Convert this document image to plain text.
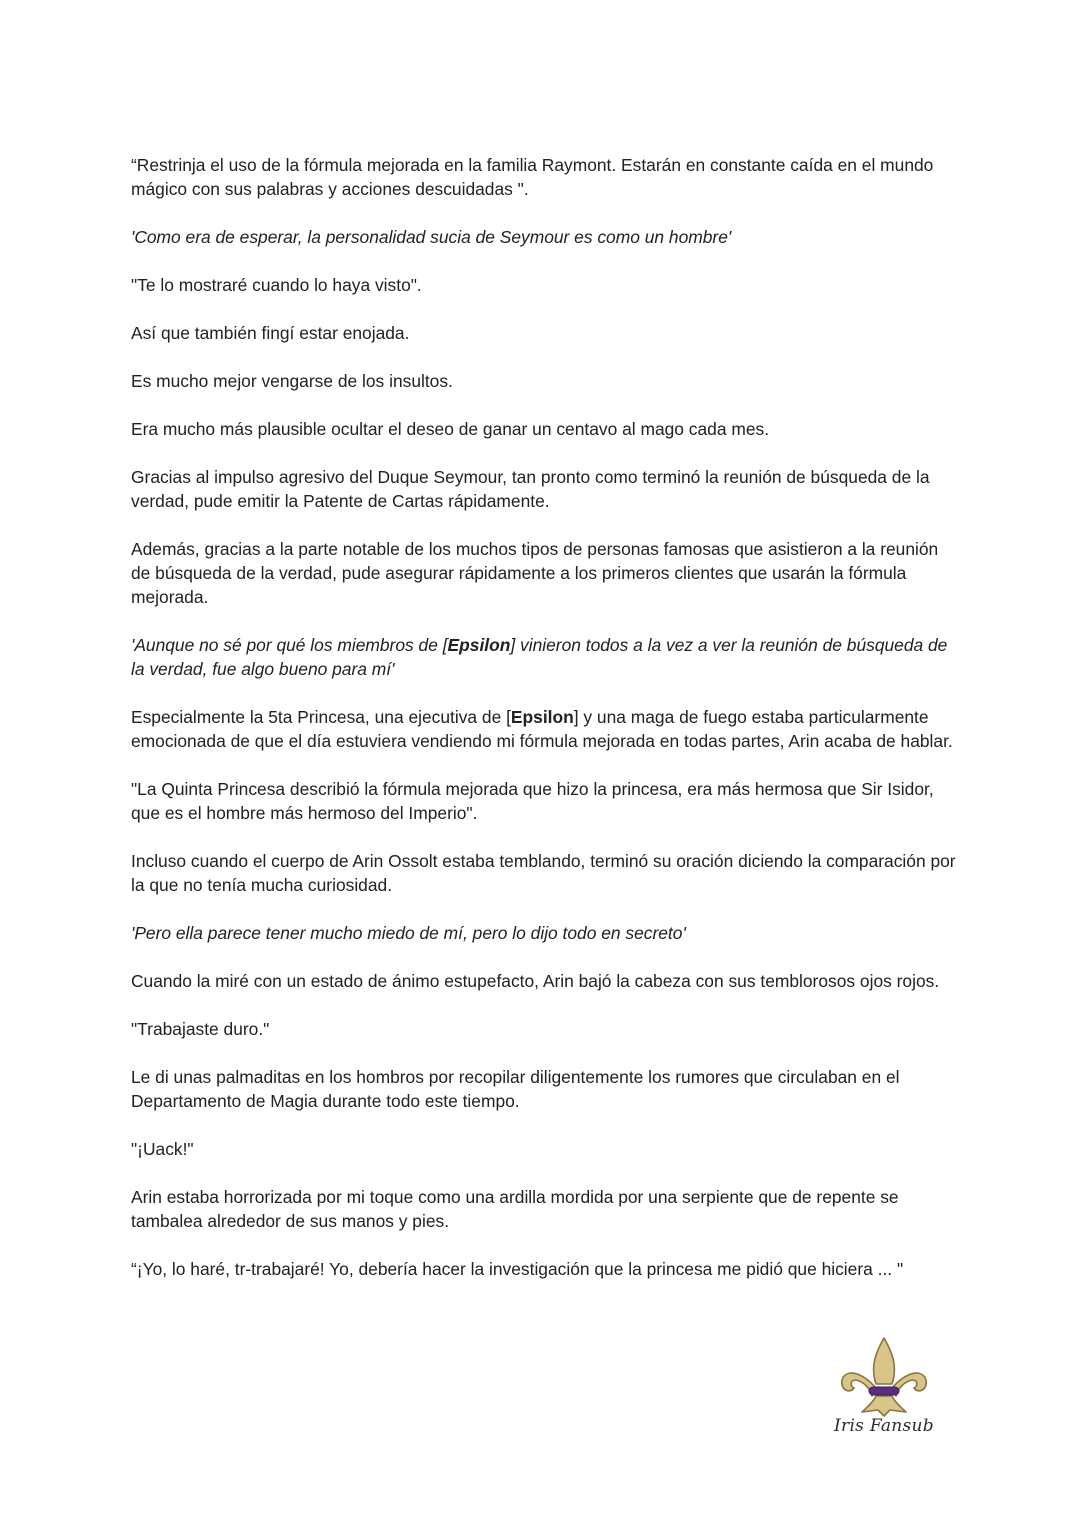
“Restrinja el uso de la fórmula mejorada en la familia Raymont. Estarán en constante caída en el mundo mágico con sus palabras y acciones descuidadas ".

'Como era de esperar, la personalidad sucia de Seymour es como un hombre'

"Te lo mostraré cuando lo haya visto".

Así que también fingí estar enojada.

Es mucho mejor vengarse de los insultos.

Era mucho más plausible ocultar el deseo de ganar un centavo al mago cada mes.

Gracias al impulso agresivo del Duque Seymour, tan pronto como terminó la reunión de búsqueda de la verdad, pude emitir la Patente de Cartas rápidamente.

Además, gracias a la parte notable de los muchos tipos de personas famosas que asistieron a la reunión de búsqueda de la verdad, pude asegurar rápidamente a los primeros clientes que usarán la fórmula mejorada.

'Aunque no sé por qué los miembros de [Epsilon] vinieron todos a la vez a ver la reunión de búsqueda de la verdad, fue algo bueno para mí'

Especialmente la 5ta Princesa, una ejecutiva de [Epsilon] y una maga de fuego estaba particularmente emocionada de que el día estuviera vendiendo mi fórmula mejorada en todas partes, Arin acaba de hablar.

"La Quinta Princesa describió la fórmula mejorada que hizo la princesa, era más hermosa que Sir Isidor, que es el hombre más hermoso del Imperio".

Incluso cuando el cuerpo de Arin Ossolt estaba temblando, terminó su oración diciendo la comparación por la que no tenía mucha curiosidad.

'Pero ella parece tener mucho miedo de mí, pero lo dijo todo en secreto'

Cuando la miré con un estado de ánimo estupefacto, Arin bajó la cabeza con sus temblorosos ojos rojos.

"Trabajaste duro."

Le di unas palmaditas en los hombros por recopilar diligentemente los rumores que circulaban en el Departamento de Magia durante todo este tiempo.

"¡Uack!"

Arin estaba horrorizada por mi toque como una ardilla mordida por una serpiente que de repente se tambalea alrededor de sus manos y pies.

“¡Yo, lo haré, tr-trabajaré! Yo, debería hacer la investigación que la princesa me pidió que hiciera ... "

Iris Fansub
